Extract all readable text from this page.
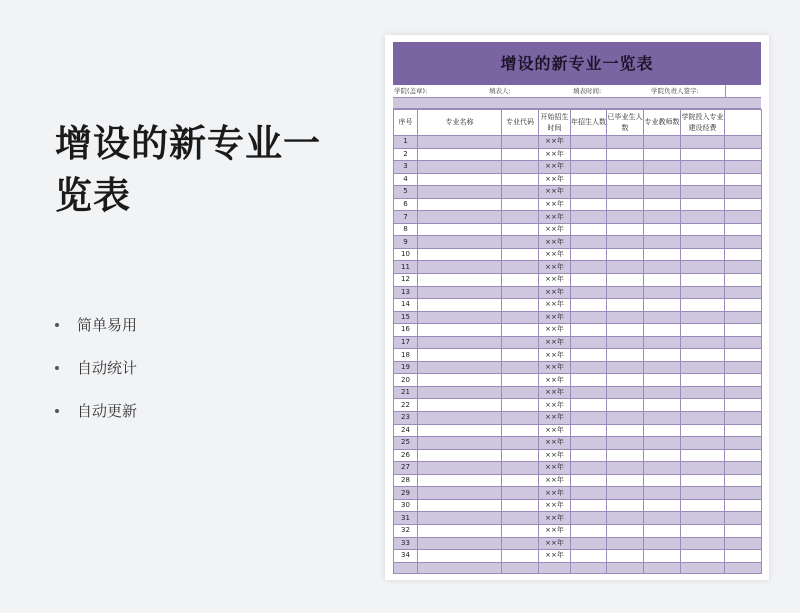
增设的新专业一览表
简单易用
自动统计
自动更新
增设的新专业一览表
学院(盖章):	填表人:	填表时间:	学院负责人签字:
序号	专业名称	专业代码	开始招生时间	年招生人数	已毕业生人数	专业教师数	学院投入专业建设经费	
1			××年					
2			××年					
3			××年					
4			××年					
5			××年					
6			××年					
7			××年					
8			××年					
9			××年					
10			××年					
11			××年					
12			××年					
13			××年					
14			××年					
15			××年					
16			××年					
17			××年					
18			××年					
19			××年					
20			××年					
21			××年					
22			××年					
23			××年					
24			××年					
25			××年					
26			××年					
27			××年					
28			××年					
29			××年					
30			××年					
31			××年					
32			××年					
33			××年					
34			××年					
